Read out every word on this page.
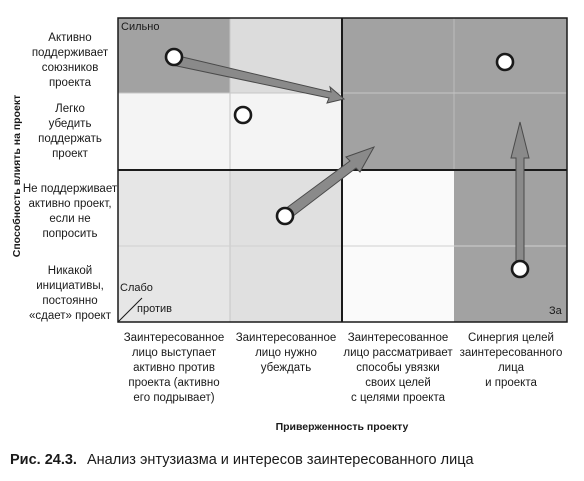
Способность влиять на проект
Активно
поддерживает
союзников
проекта
Легко
убедить
поддержать
проект
Не поддерживает
активно проект,
если не
попросить
Никакой
инициативы,
постоянно
«сдает» проект
Сильно
Слабо
против	За
Заинтересованное
лицо выступает
активно против
проекта (активно
его подрывает)
Заинтересованное
лицо нужно
убеждать
Заинтересованное
лицо рассматривает
способы увязки
своих целей
с целями проекта
Синергия целей
заинтересованного лица
и проекта
Приверженность проекту
Рис. 24.3. Анализ энтузиазма и интересов заинтересованного лица
